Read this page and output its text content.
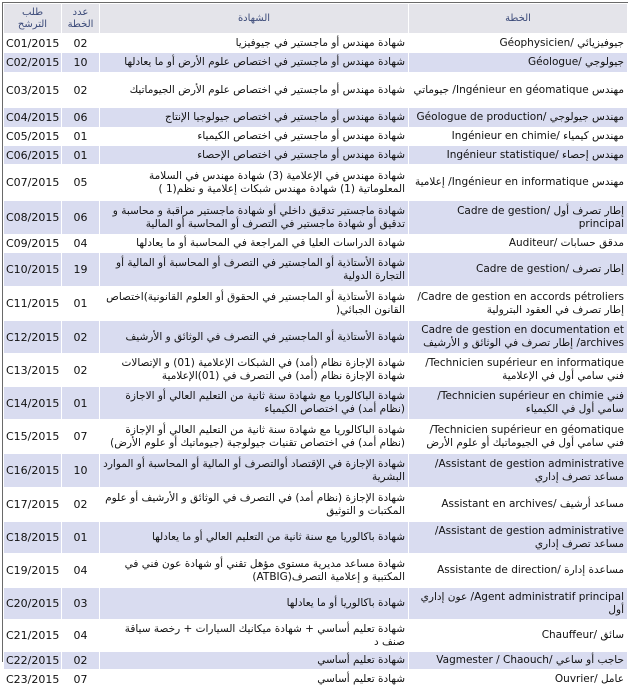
طلب الترشح	عدد الخطة	الشهادة	الخطة
C01/2015	02	شهادة مهندس أو ماجستير في جيوفيزيا	جيوفيزيائي /Géophysicien
C02/2015	10	شهادة مهندس أو ماجستير في اختصاص علوم الأرض أو ما يعادلها	جيولوجي /Géologue
C03/2015	02	شهادة مهندس أو ماجستير في اختصاص علوم الأرض الجيوماتيك	مهندس Ingénieur en géomatique/ جيوماتي
C04/2015	06	شهادة مهندس أو ماجستير في اختصاص جيولوجيا الإنتاج	مهندس جيولوجي /Géologue de production
C05/2015	01	شهادة مهندس أو ماجستير في اختصاص الكيمياء	مهندس كيمياء /Ingénieur en chimie
C06/2015	01	شهادة مهندس أو ماجستير في اختصاص الإحصاء	مهندس إحصاء /Ingénieur statistique
C07/2015	05	شهادة مهندس في الإعلامية (3) شهادة مهندس في السلامة المعلوماتية (1) شهادة مهندس شبكات إعلامية و نظم(1 )	مهندس Ingénieur en informatique/ إعلامية
C08/2015	06	شهادة ماجستير تدقيق داخلي أو شهادة ماجستير مراقبة و محاسبة و تدقيق أو شهادة ماجستير في التصرف أو المحاسبة أو المالية	إطار تصرف أول /Cadre de gestion principal
C09/2015	04	شهادة الدراسات العليا في المراجعة في المحاسبة أو ما يعادلها	مدقق حسابات /Auditeur
C10/2015	19	شهادة الأستاذية أو الماجستير في التصرف أو المحاسبة أو المالية أو التجارة الدولية	إطار تصرف /Cadre de gestion
C11/2015	01	شهادة الأستاذية أو الماجستير في الحقوق أو العلوم القانونية)اختصاص القانون الجبائي(	Cadre de gestion en accords pétroliers/ إطار تصرف في العقود البترولية
C12/2015	02	شهادة الأستاذية أو الماجستير في التصرف في الوثائق و الأرشيف	Cadre de gestion en documentation et archives/ إطار تصرف في الوثائق و الأرشيف
C13/2015	02	شهادة الإجازة نظام (أمد) في الشبكات الإعلامية (01) و الإتصالات شهادة الإجازة نظام (أمد) في التصرف في (01)الإعلامية	Technicien supérieur en informatique/ فني سامي أول في الإعلامية
C14/2015	01	شهادة الباكالوريا مع شهادة سنة ثانية من التعليم العالي أو الاجازة (نظام أمد) في اختصاص الكيمياء	فني Technicien supérieur en chimie/ سامي أول في الكيمياء
C15/2015	07	شهادة الباكالوريا مع شهادة سنة ثانية من التعليم العالي أو الإجازة (نظام أمد) في اختصاص تقنيات جيولوجية (جيوماتيك أو علوم الأرض)	Technicien supérieur en géomatique/ فني سامي أول في الجيوماتيك أو علوم الأرض
C16/2015	10	شهادة الإجازة في الإقتصاد أوالتصرف أو المالية أو المحاسبة أو الموارد البشرية	Assistant de gestion administrative/ مساعد تصرف إداري
C17/2015	02	شهادة الإجازة (نظام أمد) في التصرف في الوثائق و الأرشيف أو علوم المكتبات و التوثيق	مساعد أرشيف /Assistant en archives
C18/2015	01	شهادة باكالوريا مع سنة ثانية من التعليم العالي أو ما يعادلها	Assistant de gestion administrative/ مساعد تصرف إداري
C19/2015	04	شهادة مساعد مديرية مستوى مؤهل تقني أو شهادة عون فني في المكتبية و إعلامية التصرف(ATBIG)	مساعدة إدارة /Assistante de direction
C20/2015	03	شهادة باكالوريا أو ما يعادلها	Agent administratif principal/ عون إداري أول
C21/2015	04	شهادة تعليم أساسي + شهادة ميكانيك السيارات + رخصة سياقة صنف د	سائق /Chauffeur
C22/2015	02	شهادة تعليم أساسي	حاجب أو ساعي /Vagmester / Chaouch
C23/2015	07	شهادة تعليم أساسي	عامل /Ouvrier
